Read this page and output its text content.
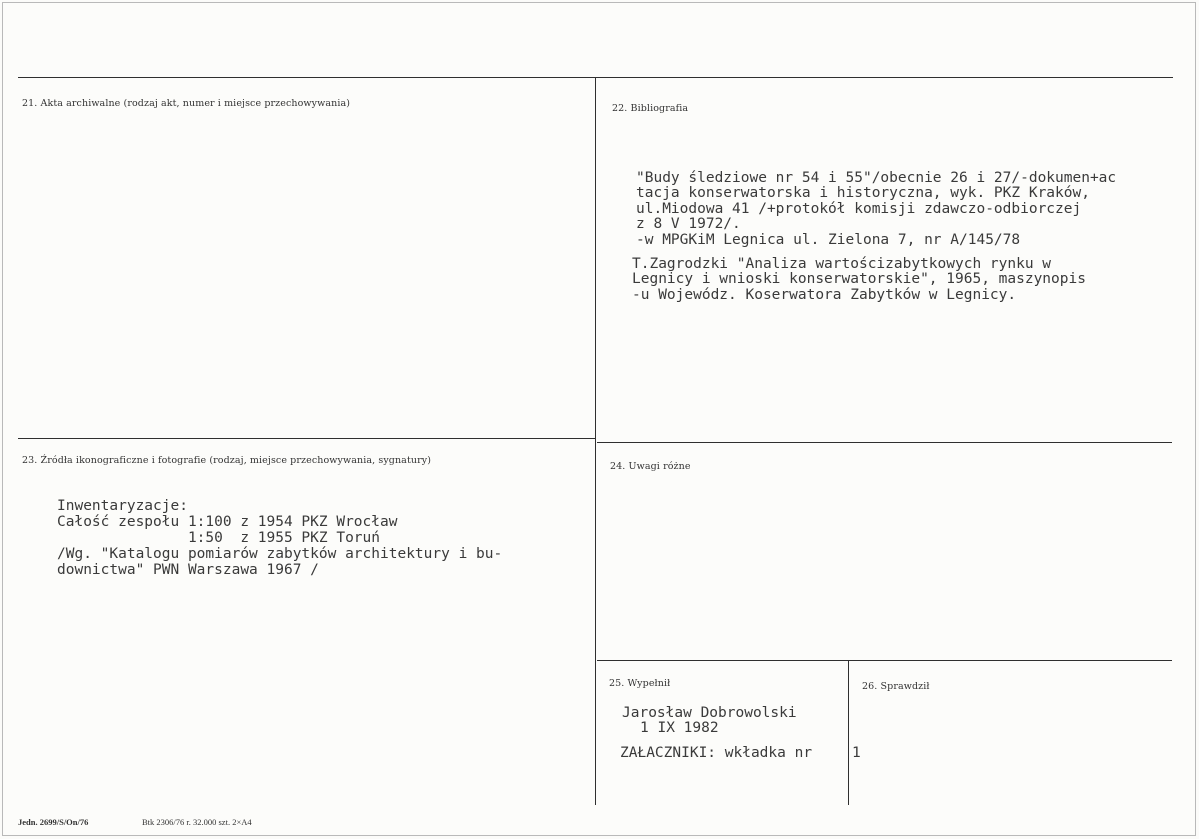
21. Akta archiwalne (rodzaj akt, numer i miejsce przechowywania)	22. Bibliografia

"Budy śledziowe nr 54 i 55"/obecnie 26 i 27/-dokumen+ac
tacja konserwatorska i historyczna, wyk. PKZ Kraków,
ul.Miodowa 41 /+protokół komisji zdawczo-odbiorczej
z 8 V 1972/.
-w MPGKiM Legnica ul. Zielona 7, nr A/145/78

T.Zagrodzki "Analiza wartościzabytkowych rynku w
Legnicy i wnioski konserwatorskie", 1965, maszynopis
-u Wojewódz. Koserwatora Zabytków w Legnicy.
23. Źródła ikonograficzne i fotografie (rodzaj, miejsce przechowywania, sygnatury)

Inwentaryzacje:
Całość zespołu 1:100 z 1954 PKZ Wrocław
1:50  z 1955 PKZ Toruń
/Wg. "Katalogu pomiarów zabytków architektury i bu-
downictwa" PWN Warszawa 1967 /
24. Uwagi różne
25. Wypełnił
Jarosław Dobrowolski
1 IX 1982
ZAŁACZNIKI: wkładka nr
26. Sprawdził
1
Jedn. 2699/S/On/76	Btk 2306/76 r. 32.000 szt. 2×A4
